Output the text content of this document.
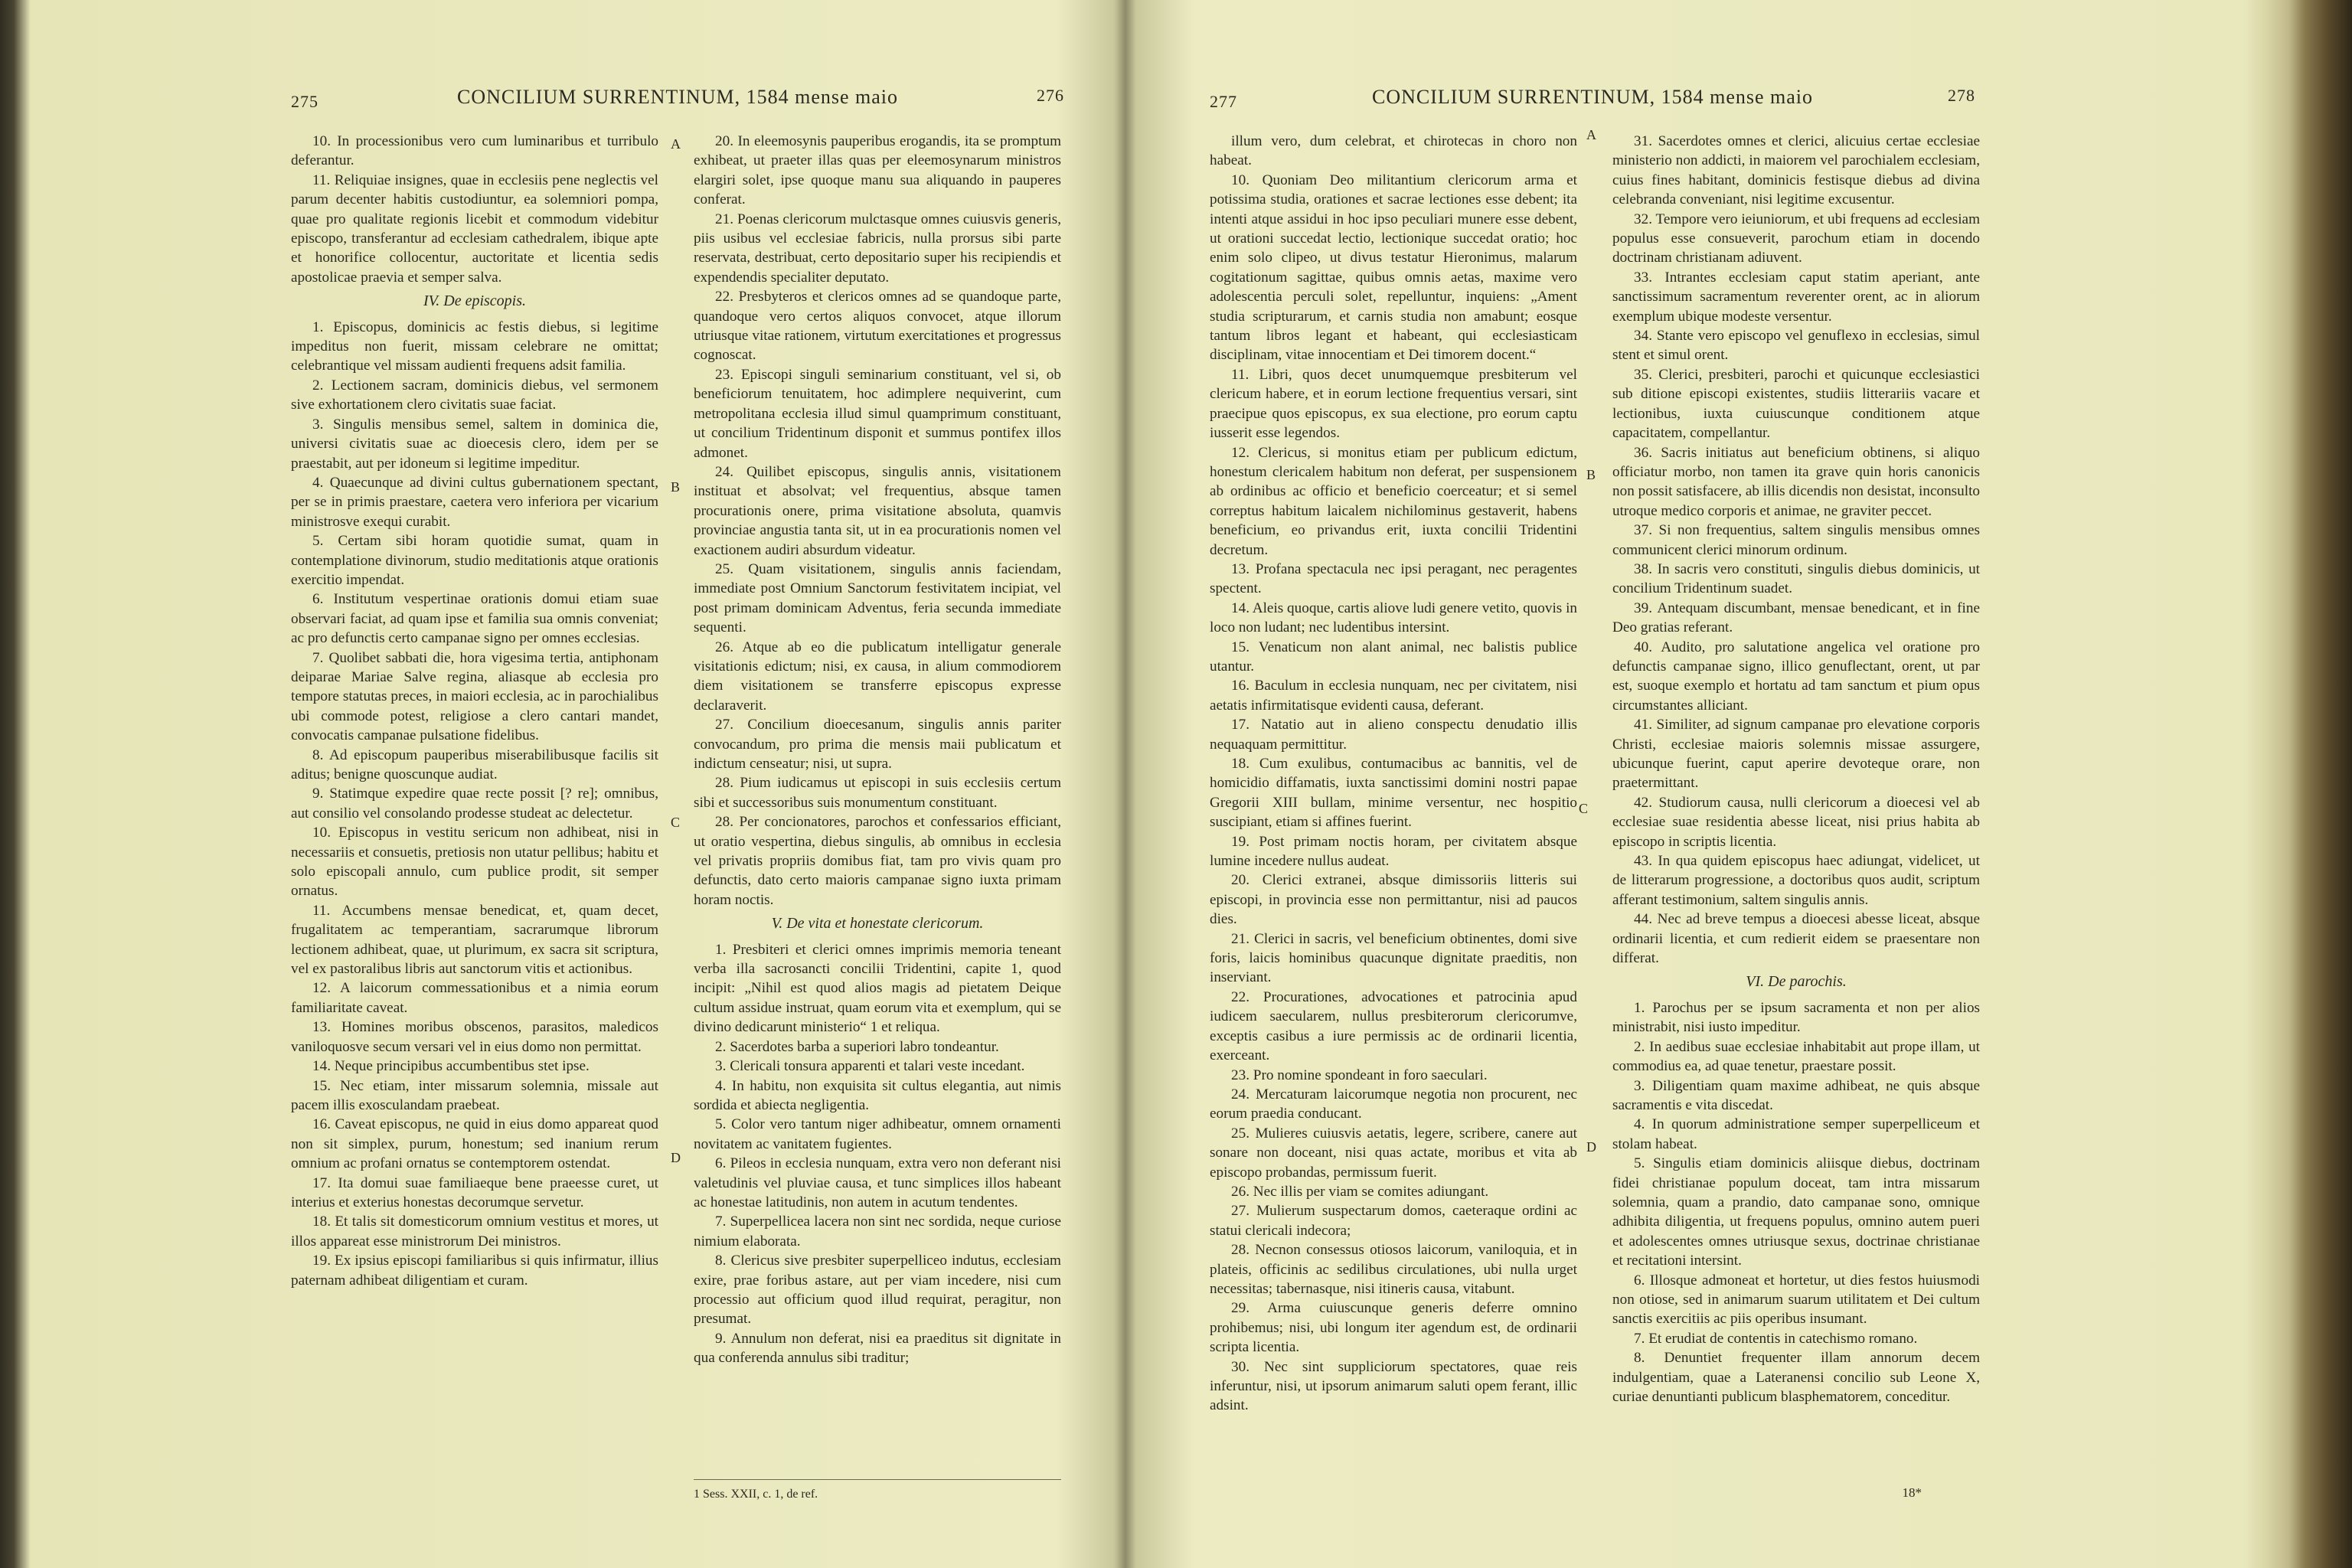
275	CONCILIUM SURRENTINUM, 1584 mense maio	276

10. In processionibus vero cum luminaribus et turribulo deferantur.

11. Reliquiae insignes, quae in ecclesiis pene neglectis vel parum decenter habitis custodiuntur, ea solemniori pompa, quae pro qualitate regionis licebit et commodum videbitur episcopo, transferantur ad ecclesiam cathedralem, ibique apte et honorifice collocentur, auctoritate et licentia sedis apostolicae praevia et semper salva.

IV. De episcopis.

1. Episcopus, dominicis ac festis diebus, si legitime impeditus non fuerit, missam celebrare ne omittat; celebrantique vel missam audienti frequens adsit familia.

2. Lectionem sacram, dominicis diebus, vel sermonem sive exhortationem clero civitatis suae faciat.

3. Singulis mensibus semel, saltem in dominica die, universi civitatis suae ac dioecesis clero, idem per se praestabit, aut per idoneum si legitime impeditur.

4. Quaecunque ad divini cultus gubernationem spectant, per se in primis praestare, caetera vero inferiora per vicarium ministrosve exequi curabit.

5. Certam sibi horam quotidie sumat, quam in contemplatione divinorum, studio meditationis atque orationis exercitio impendat.

6. Institutum vespertinae orationis domui etiam suae observari faciat, ad quam ipse et familia sua omnis conveniat; ac pro defunctis certo campanae signo per omnes ecclesias.

7. Quolibet sabbati die, hora vigesima tertia, antiphonam deiparae Mariae Salve regina, aliasque ab ecclesia pro tempore statutas preces, in maiori ecclesia, ac in parochialibus ubi commode potest, religiose a clero cantari mandet, convocatis campanae pulsatione fidelibus.

8. Ad episcopum pauperibus miserabilibusque facilis sit aditus; benigne quoscunque audiat.

9. Statimque expedire quae recte possit [? re]; omnibus, aut consilio vel consolando prodesse studeat ac delectetur.

10. Episcopus in vestitu sericum non adhibeat, nisi in necessariis et consuetis, pretiosis non utatur pellibus; habitu et solo episcopali annulo, cum publice prodit, sit semper ornatus.

11. Accumbens mensae benedicat, et, quam decet, frugalitatem ac temperantiam, sacrarumque librorum lectionem adhibeat, quae, ut plurimum, ex sacra sit scriptura, vel ex pastoralibus libris aut sanctorum vitis et actionibus.

12. A laicorum commessationibus et a nimia eorum familiaritate caveat.

13. Homines moribus obscenos, parasitos, maledicos vaniloquosve secum versari vel in eius domo non permittat.

14. Neque principibus accumbentibus stet ipse.

15. Nec etiam, inter missarum solemnia, missale aut pacem illis exosculandam praebeat.

16. Caveat episcopus, ne quid in eius domo appareat quod non sit simplex, purum, honestum; sed inanium rerum omnium ac profani ornatus se contemptorem ostendat.

17. Ita domui suae familiaeque bene praeesse curet, ut interius et exterius honestas decorumque servetur.

18. Et talis sit domesticorum omnium vestitus et mores, ut illos appareat esse ministrorum Dei ministros.

19. Ex ipsius episcopi familiaribus si quis infirmatur, illius paternam adhibeat diligentiam et curam.

20. In eleemosynis pauperibus erogandis, ita se promptum exhibeat, ut praeter illas quas per eleemosynarum ministros elargiri solet, ipse quoque manu sua aliquando in pauperes conferat.

21. Poenas clericorum mulctasque omnes cuiusvis generis, piis usibus vel ecclesiae fabricis, nulla prorsus sibi parte reservata, destribuat, certo depositario super his recipiendis et expendendis specialiter deputato.

22. Presbyteros et clericos omnes ad se quandoque parte, quandoque vero certos aliquos convocet, atque illorum utriusque vitae rationem, virtutum exercitationes et progressus cognoscat.

23. Episcopi singuli seminarium constituant, vel si, ob beneficiorum tenuitatem, hoc adimplere nequiverint, cum metropolitana ecclesia illud simul quamprimum constituant, ut concilium Tridentinum disponit et summus pontifex illos admonet.

24. Quilibet episcopus, singulis annis, visitationem instituat et absolvat; vel frequentius, absque tamen procurationis onere, prima visitatione absoluta, quamvis provinciae angustia tanta sit, ut in ea procurationis nomen vel exactionem audiri absurdum videatur.

25. Quam visitationem, singulis annis faciendam, immediate post Omnium Sanctorum festivitatem incipiat, vel post primam dominicam Adventus, feria secunda immediate sequenti.

26. Atque ab eo die publicatum intelligatur generale visitationis edictum; nisi, ex causa, in alium commodiorem diem visitationem se transferre episcopus expresse declaraverit.

27. Concilium dioecesanum, singulis annis pariter convocandum, pro prima die mensis maii publicatum et indictum censeatur; nisi, ut supra.

28. Pium iudicamus ut episcopi in suis ecclesiis certum sibi et successoribus suis monumentum constituant.

28. Per concionatores, parochos et confessarios efficiant, ut oratio vespertina, diebus singulis, ab omnibus in ecclesia vel privatis propriis domibus fiat, tam pro vivis quam pro defunctis, dato certo maioris campanae signo iuxta primam horam noctis.

V. De vita et honestate clericorum.

1. Presbiteri et clerici omnes imprimis memoria teneant verba illa sacrosancti concilii Tridentini, capite 1, quod incipit: „Nihil est quod alios magis ad pietatem Deique cultum assidue instruat, quam eorum vita et exemplum, qui se divino dedicarunt ministerio“ 1 et reliqua.

2. Sacerdotes barba a superiori labro tondeantur.

3. Clericali tonsura apparenti et talari veste incedant.

4. In habitu, non exquisita sit cultus elegantia, aut nimis sordida et abiecta negligentia.

5. Color vero tantum niger adhibeatur, omnem ornamenti novitatem ac vanitatem fugientes.

6. Pileos in ecclesia nunquam, extra vero non deferant nisi valetudinis vel pluviae causa, et tunc simplices illos habeant ac honestae latitudinis, non autem in acutum tendentes.

7. Superpellicea lacera non sint nec sordida, neque curiose nimium elaborata.

8. Clericus sive presbiter superpelliceo indutus, ecclesiam exire, prae foribus astare, aut per viam incedere, nisi cum processio aut officium quod illud requirat, peragitur, non presumat.

9. Annulum non deferat, nisi ea praeditus sit dignitate in qua conferenda annulus sibi traditur;

A
B
C
D
1 Sess. XXII, c. 1, de ref.
277	CONCILIUM SURRENTINUM, 1584 mense maio	278

illum vero, dum celebrat, et chirotecas in choro non habeat.

10. Quoniam Deo militantium clericorum arma et potissima studia, orationes et sacrae lectiones esse debent; ita intenti atque assidui in hoc ipso peculiari munere esse debent, ut orationi succedat lectio, lectionique succedat oratio; hoc enim solo clipeo, ut divus testatur Hieronimus, malarum cogitationum sagittae, quibus omnis aetas, maxime vero adolescentia perculi solet, repelluntur, inquiens: „Ament studia scripturarum, et carnis studia non amabunt; eosque tantum libros legant et habeant, qui ecclesiasticam disciplinam, vitae innocentiam et Dei timorem docent.“

11. Libri, quos decet unumquemque presbiterum vel clericum habere, et in eorum lectione frequentius versari, sint praecipue quos episcopus, ex sua electione, pro eorum captu iusserit esse legendos.

12. Clericus, si monitus etiam per publicum edictum, honestum clericalem habitum non deferat, per suspensionem ab ordinibus ac officio et beneficio coerceatur; et si semel correptus habitum laicalem nichilominus gestaverit, habens beneficium, eo privandus erit, iuxta concilii Tridentini decretum.

13. Profana spectacula nec ipsi peragant, nec peragentes spectent.

14. Aleis quoque, cartis aliove ludi genere vetito, quovis in loco non ludant; nec ludentibus intersint.

15. Venaticum non alant animal, nec balistis publice utantur.

16. Baculum in ecclesia nunquam, nec per civitatem, nisi aetatis infirmitatisque evidenti causa, deferant.

17. Natatio aut in alieno conspectu denudatio illis nequaquam permittitur.

18. Cum exulibus, contumacibus ac bannitis, vel de homicidio diffamatis, iuxta sanctissimi domini nostri papae Gregorii XIII bullam, minime versentur, nec hospitio suscipiant, etiam si affines fuerint.

19. Post primam noctis horam, per civitatem absque lumine incedere nullus audeat.

20. Clerici extranei, absque dimissoriis litteris sui episcopi, in provincia esse non permittantur, nisi ad paucos dies.

21. Clerici in sacris, vel beneficium obtinentes, domi sive foris, laicis hominibus quacunque dignitate praeditis, non inserviant.

22. Procurationes, advocationes et patrocinia apud iudicem saecularem, nullus presbiterorum clericorumve, exceptis casibus a iure permissis ac de ordinarii licentia, exerceant.

23. Pro nomine spondeant in foro saeculari.

24. Mercaturam laicorumque negotia non procurent, nec eorum praedia conducant.

25. Mulieres cuiusvis aetatis, legere, scribere, canere aut sonare non doceant, nisi quas actate, moribus et vita ab episcopo probandas, permissum fuerit.

26. Nec illis per viam se comites adiungant.

27. Mulierum suspectarum domos, caeteraque ordini ac statui clericali indecora;

28. Necnon consessus otiosos laicorum, vaniloquia, et in plateis, officinis ac sedilibus circulationes, ubi nulla urget necessitas; tabernasque, nisi itineris causa, vitabunt.

29. Arma cuiuscunque generis deferre omnino prohibemus; nisi, ubi longum iter agendum est, de ordinarii scripta licentia.

30. Nec sint suppliciorum spectatores, quae reis inferuntur, nisi, ut ipsorum animarum saluti opem ferant, illic adsint.

31. Sacerdotes omnes et clerici, alicuius certae ecclesiae ministerio non addicti, in maiorem vel parochialem ecclesiam, cuius fines habitant, dominicis festisque diebus ad divina celebranda conveniant, nisi legitime excusentur.

32. Tempore vero ieiuniorum, et ubi frequens ad ecclesiam populus esse consueverit, parochum etiam in docendo doctrinam christianam adiuvent.

33. Intrantes ecclesiam caput statim aperiant, ante sanctissimum sacramentum reverenter orent, ac in aliorum exemplum ubique modeste versentur.

34. Stante vero episcopo vel genuflexo in ecclesias, simul stent et simul orent.

35. Clerici, presbiteri, parochi et quicunque ecclesiastici sub ditione episcopi existentes, studiis litterariis vacare et lectionibus, iuxta cuiuscunque conditionem atque capacitatem, compellantur.

36. Sacris initiatus aut beneficium obtinens, si aliquo officiatur morbo, non tamen ita grave quin horis canonicis non possit satisfacere, ab illis dicendis non desistat, inconsulto utroque medico corporis et animae, ne graviter peccet.

37. Si non frequentius, saltem singulis mensibus omnes communicent clerici minorum ordinum.

38. In sacris vero constituti, singulis diebus dominicis, ut concilium Tridentinum suadet.

39. Antequam discumbant, mensae benedicant, et in fine Deo gratias referant.

40. Audito, pro salutatione angelica vel oratione pro defunctis campanae signo, illico genuflectant, orent, ut par est, suoque exemplo et hortatu ad tam sanctum et pium opus circumstantes alliciant.

41. Similiter, ad signum campanae pro elevatione corporis Christi, ecclesiae maioris solemnis missae assurgere, ubicunque fuerint, caput aperire devoteque orare, non praetermittant.

42. Studiorum causa, nulli clericorum a dioecesi vel ab ecclesiae suae residentia abesse liceat, nisi prius habita ab episcopo in scriptis licentia.

43. In qua quidem episcopus haec adiungat, videlicet, ut de litterarum progressione, a doctoribus quos audit, scriptum afferant testimonium, saltem singulis annis.

44. Nec ad breve tempus a dioecesi abesse liceat, absque ordinarii licentia, et cum redierit eidem se praesentare non differat.

VI. De parochis.

1. Parochus per se ipsum sacramenta et non per alios ministrabit, nisi iusto impeditur.

2. In aedibus suae ecclesiae inhabitabit aut prope illam, ut commodius ea, ad quae tenetur, praestare possit.

3. Diligentiam quam maxime adhibeat, ne quis absque sacramentis e vita discedat.

4. In quorum administratione semper superpelliceum et stolam habeat.

5. Singulis etiam dominicis aliisque diebus, doctrinam fidei christianae populum doceat, tam intra missarum solemnia, quam a prandio, dato campanae sono, omnique adhibita diligentia, ut frequens populus, omnino autem pueri et adolescentes omnes utriusque sexus, doctrinae christianae et recitationi intersint.

6. Illosque admoneat et hortetur, ut dies festos huiusmodi non otiose, sed in animarum suarum utilitatem et Dei cultum sanctis exercitiis ac piis operibus insumant.

7. Et erudiat de contentis in catechismo romano.

8. Denuntiet frequenter illam annorum decem indulgentiam, quae a Lateranensi concilio sub Leone X, curiae denuntianti publicum blasphematorem, conceditur.

A
B
C
D
18*
